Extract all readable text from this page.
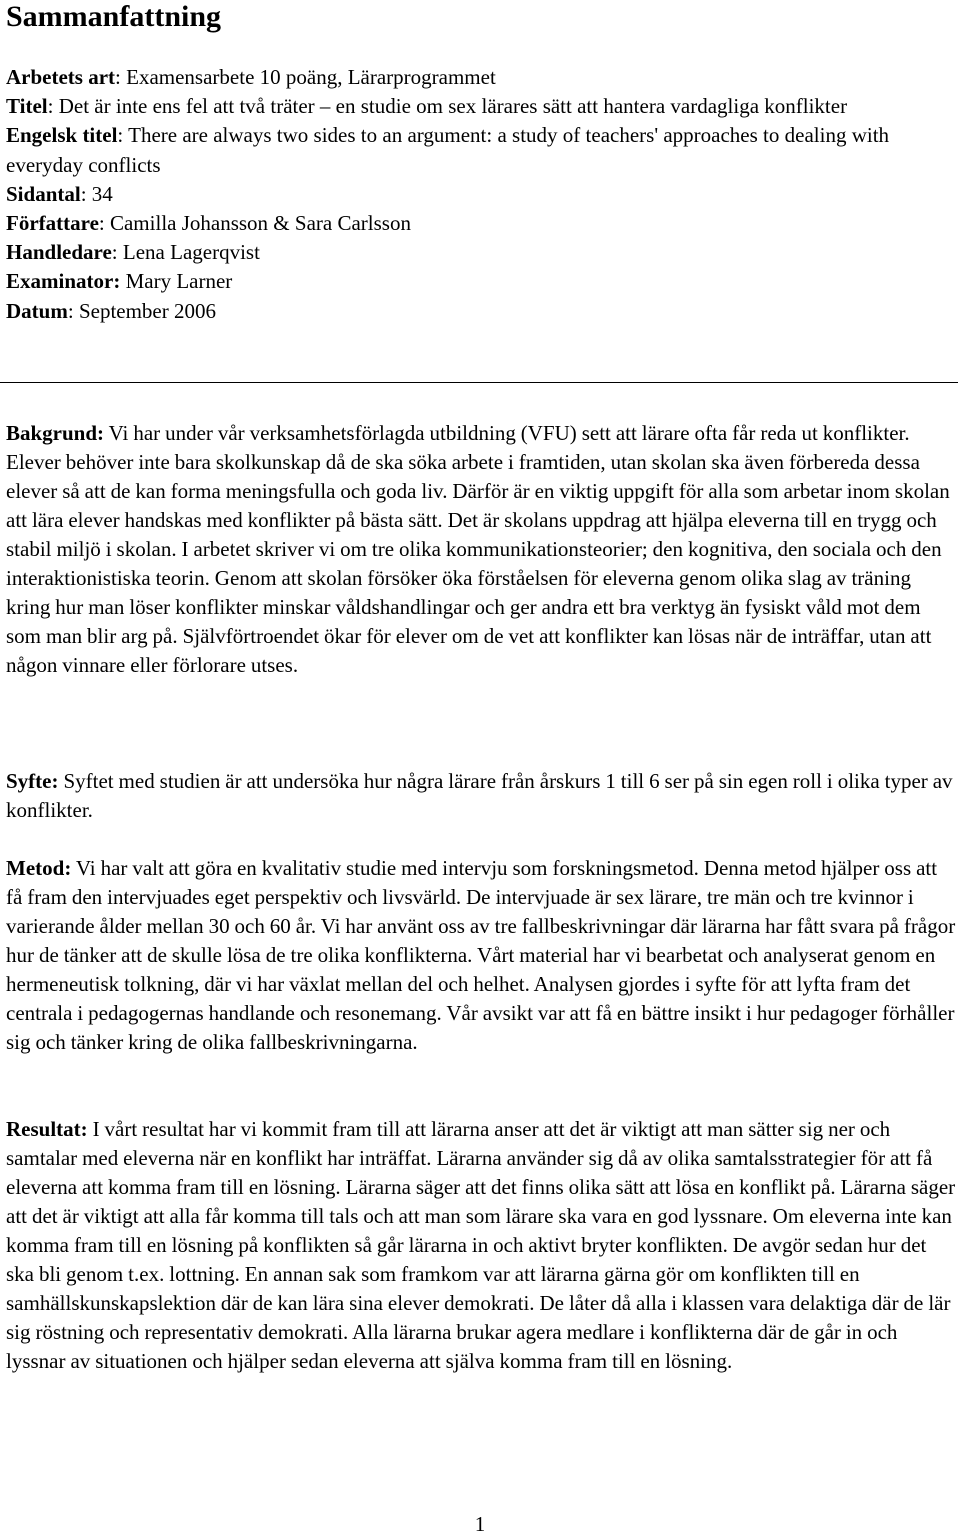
Sammanfattning
Arbetets art: Examensarbete 10 poäng, Lärarprogrammet
Titel: Det är inte ens fel att två träter – en studie om sex lärares sätt att hantera vardagliga konflikter
Engelsk titel: There are always two sides to an argument: a study of teachers' approaches to dealing with everyday conflicts
Sidantal: 34
Författare: Camilla Johansson & Sara Carlsson
Handledare: Lena Lagerqvist
Examinator: Mary Larner
Datum: September 2006

Bakgrund: Vi har under vår verksamhetsförlagda utbildning (VFU) sett att lärare ofta får reda ut konflikter. Elever behöver inte bara skolkunskap då de ska söka arbete i framtiden, utan skolan ska även förbereda dessa elever så att de kan forma meningsfulla och goda liv. Därför är en viktig uppgift för alla som arbetar inom skolan att lära elever handskas med konflikter på bästa sätt. Det är skolans uppdrag att hjälpa eleverna till en trygg och stabil miljö i skolan. I arbetet skriver vi om tre olika kommunikationsteorier; den kognitiva, den sociala och den interaktionistiska teorin. Genom att skolan försöker öka förståelsen för eleverna genom olika slag av träning kring hur man löser konflikter minskar våldshandlingar och ger andra ett bra verktyg än fysiskt våld mot dem som man blir arg på. Självförtroendet ökar för elever om de vet att konflikter kan lösas när de inträffar, utan att någon vinnare eller förlorare utses.

Syfte: Syftet med studien är att undersöka hur några lärare från årskurs 1 till 6 ser på sin egen roll i olika typer av konflikter.

Metod: Vi har valt att göra en kvalitativ studie med intervju som forskningsmetod. Denna metod hjälper oss att få fram den intervjuades eget perspektiv och livsvärld. De intervjuade är sex lärare, tre män och tre kvinnor i varierande ålder mellan 30 och 60 år. Vi har använt oss av tre fallbeskrivningar där lärarna har fått svara på frågor hur de tänker att de skulle lösa de tre olika konflikterna. Vårt material har vi bearbetat och analyserat genom en hermeneutisk tolkning, där vi har växlat mellan del och helhet. Analysen gjordes i syfte för att lyfta fram det centrala i pedagogernas handlande och resonemang. Vår avsikt var att få en bättre insikt i hur pedagoger förhåller sig och tänker kring de olika fallbeskrivningarna.

Resultat: I vårt resultat har vi kommit fram till att lärarna anser att det är viktigt att man sätter sig ner och samtalar med eleverna när en konflikt har inträffat. Lärarna använder sig då av olika samtalsstrategier för att få eleverna att komma fram till en lösning. Lärarna säger att det finns olika sätt att lösa en konflikt på. Lärarna säger att det är viktigt att alla får komma till tals och att man som lärare ska vara en god lyssnare. Om eleverna inte kan komma fram till en lösning på konflikten så går lärarna in och aktivt bryter konflikten. De avgör sedan hur det ska bli genom t.ex. lottning. En annan sak som framkom var att lärarna gärna gör om konflikten till en samhällskunskapslektion där de kan lära sina elever demokrati. De låter då alla i klassen vara delaktiga där de lär sig röstning och representativ demokrati. Alla lärarna brukar agera medlare i konflikterna där de går in och lyssnar av situationen och hjälper sedan eleverna att själva komma fram till en lösning.

1
